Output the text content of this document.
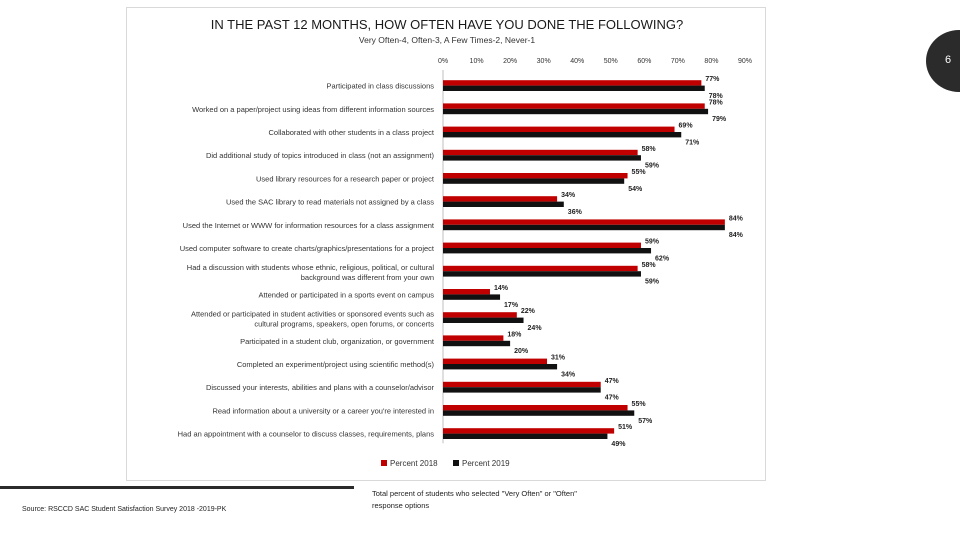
IN THE PAST 12 MONTHS, HOW OFTEN HAVE YOU DONE THE FOLLOWING?
Very Often-4, Often-3, A Few Times-2, Never-1
0%	10%	20%	30%	40%	50%	60%	70%	80%	90%
Participated in class discussions
77%
78%
Worked on a paper/project using ideas from different information sources
78%
79%
Collaborated with other students in a class project
69%
71%
Did additional study of topics introduced in class (not an assignment)
58%
59%
Used library resources for a research paper or project
55%
54%
Used the SAC library to read materials not assigned by a class
34%
36%
Used the Internet or WWW for information resources for a class assignment
84%
84%
Used computer software to create charts/graphics/presentations for a project
59%
62%
Had a discussion with students whose ethnic, religious, political, or cultural
background was different from your own
58%
59%
Attended or participated in a sports event on campus
14%
17%
Attended or participated in student activities or sponsored events such as
cultural programs, speakers, open forums, or concerts
22%
24%
Participated in a student club, organization, or government
18%
20%
Completed an experiment/project using scientific method(s)
31%
34%
Discussed your interests, abilities and plans with a counselor/advisor
47%
47%
Read information about a university or a career you're interested in
55%
57%
Had an appointment with a counselor to discuss classes, requirements, plans
51%
49%
Percent 2018	Percent 2019
6
Source: RSCCD SAC Student Satisfaction Survey 2018 -2019-PK
Total percent of students who selected "Very Often" or "Often" response options
